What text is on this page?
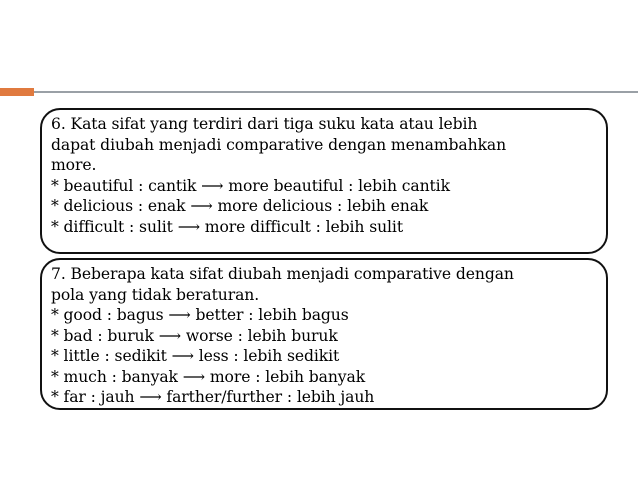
6. Kata sifat yang terdiri dari tiga suku kata atau lebih
dapat diubah menjadi comparative dengan menambahkan
more.
* beautiful : cantik ⟶ more beautiful : lebih cantik
* delicious : enak ⟶ more delicious : lebih enak
* difficult : sulit ⟶ more difficult : lebih sulit
7. Beberapa kata sifat diubah menjadi comparative dengan
pola yang tidak beraturan.
* good : bagus ⟶ better : lebih bagus
* bad : buruk ⟶ worse : lebih buruk
* little : sedikit ⟶ less : lebih sedikit
* much : banyak ⟶ more : lebih banyak
* far : jauh ⟶ farther/further : lebih jauh
